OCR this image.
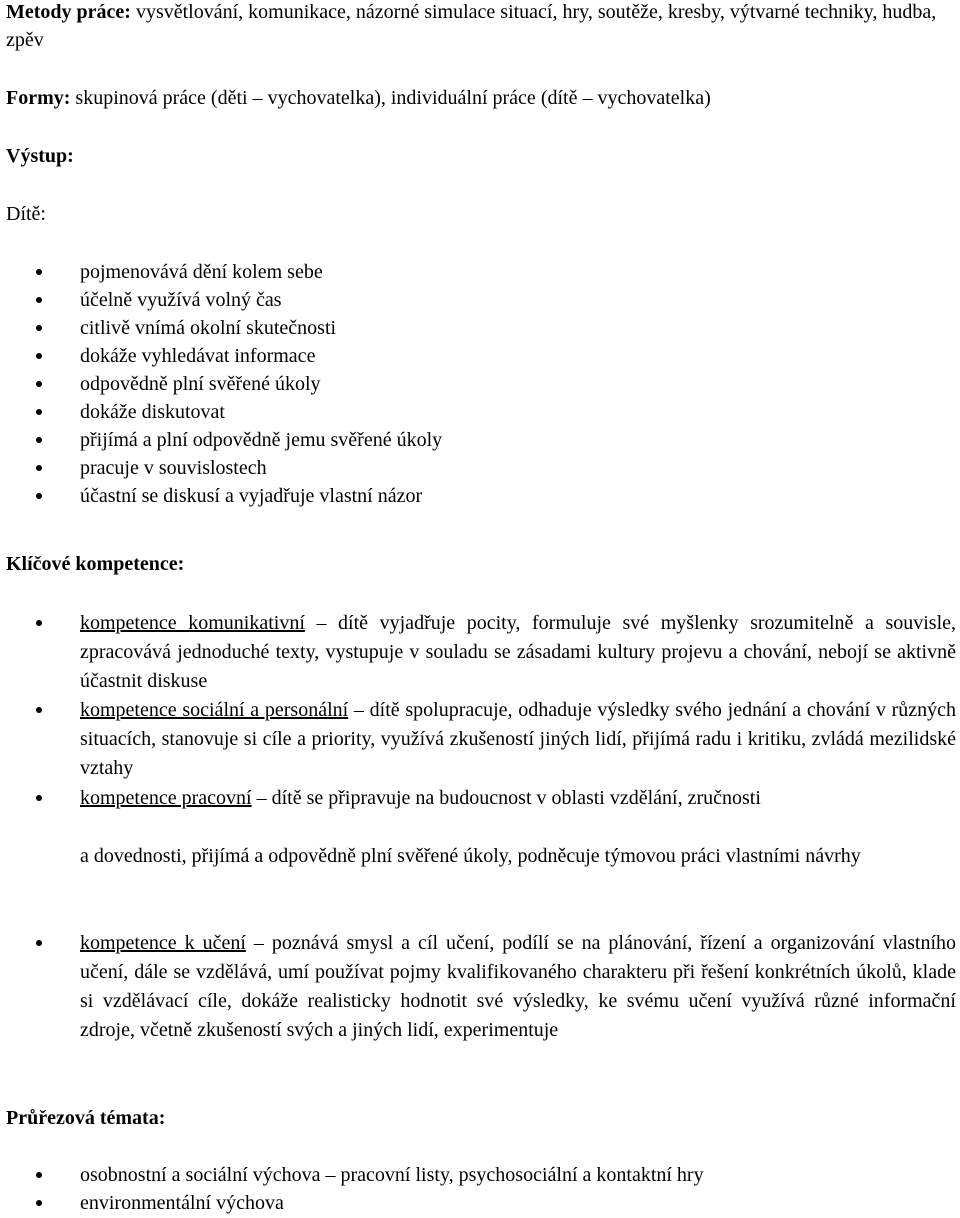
Metody práce: vysvětlování, komunikace, názorné simulace situací, hry, soutěže, kresby, výtvarné techniky, hudba, zpěv

Formy: skupinová práce (děti – vychovatelka), individuální práce (dítě – vychovatelka)

Výstup:

Dítě:

pojmenovává dění kolem sebe
účelně využívá volný čas
citlivě vnímá okolní skutečnosti
dokáže vyhledávat informace
odpovědně plní svěřené úkoly
dokáže diskutovat
přijímá a plní odpovědně jemu svěřené úkoly
pracuje v souvislostech
účastní se diskusí a vyjadřuje vlastní názor

Klíčové kompetence:

kompetence komunikativní – dítě vyjadřuje pocity, formuluje své myšlenky srozumitelně a souvisle, zpracovává jednoduché texty, vystupuje v souladu se zásadami kultury projevu a chování, nebojí se aktivně účastnit diskuse
kompetence sociální a personální – dítě spolupracuje, odhaduje výsledky svého jednání a chování v různých situacích, stanovuje si cíle a priority, využívá zkušeností jiných lidí, přijímá radu i kritiku, zvládá mezilidské vztahy
kompetence pracovní – dítě se připravuje na budoucnost v oblasti vzdělání, zručnosti
a dovednosti, přijímá a odpovědně plní svěřené úkoly, podněcuje týmovou práci vlastními návrhy
kompetence k učení – poznává smysl a cíl učení, podílí se na plánování, řízení a organizování vlastního učení, dále se vzdělává, umí používat pojmy kvalifikovaného charakteru při řešení konkrétních úkolů, klade si vzdělávací cíle, dokáže realisticky hodnotit své výsledky, ke svému učení využívá různé informační zdroje, včetně zkušeností svých a jiných lidí, experimentuje

Průřezová témata:

osobnostní a sociální výchova – pracovní listy, psychosociální a kontaktní hry
environmentální výchova
